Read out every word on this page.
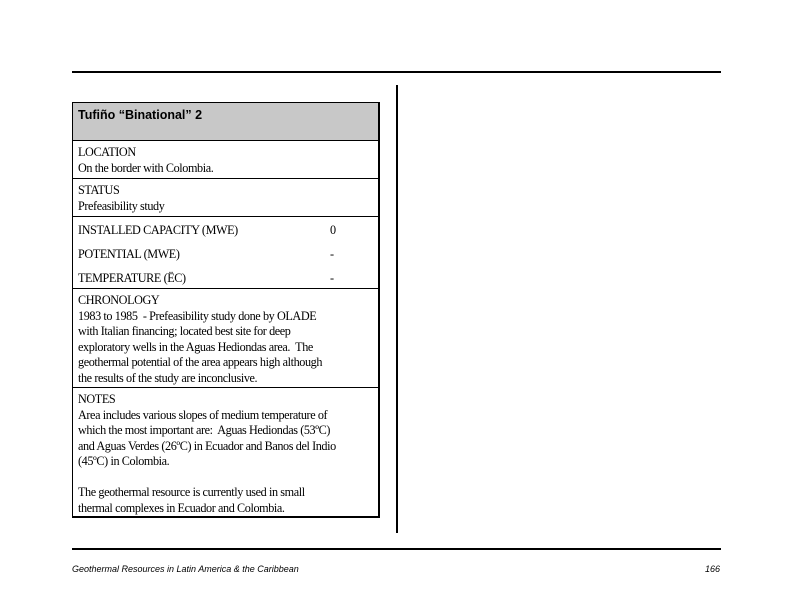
Tufiño “Binational” 2
LOCATION
On the border with Colombia.
STATUS
Prefeasibility study
INSTALLED CAPACITY (MWE)	0
POTENTIAL (MWE)	-
TEMPERATURE (ЁC)	-
CHRONOLOGY
1983 to 1985  - Prefeasibility study done by OLADE
with Italian financing; located best site for deep
exploratory wells in the Aguas Hediondas area.  The
geothermal potential of the area appears high although
the results of the study are inconclusive.
NOTES
Area includes various slopes of medium temperature of
which the most important are:  Aguas Hediondas (53ºC)
and Aguas Verdes (26ºC) in Ecuador and Banos del Indio
(45ºC) in Colombia.
The geothermal resource is currently used in small
thermal complexes in Ecuador and Colombia.
Geothermal Resources in Latin America & the Caribbean	166
